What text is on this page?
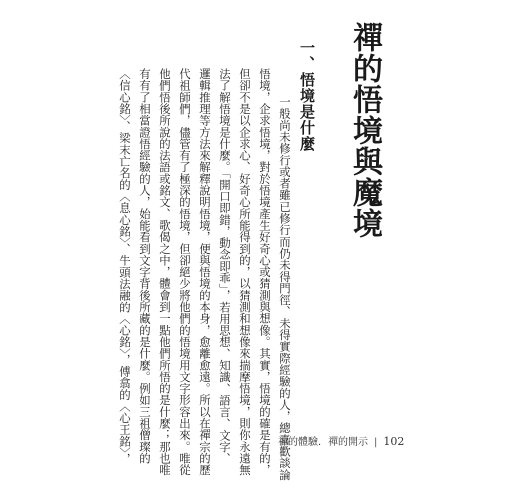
禪的悟境與魔境
一、悟境是什麼
一般尚未修行或者雖已修行而仍未得門徑、未得實際經驗的人，總喜歡談論
悟境，企求悟境，對於悟境產生好奇心或猜測與想像。其實，悟境的確是有的，
但卻不是以企求心、好奇心所能得到的，以猜測和想像來揣摩悟境，則你永遠無
法了解悟境是什麼。「開口即錯，動念即乖」，若用思想、知識、語言、文字、
邏輯推理等方法來解釋說明悟境，便與悟境的本身，愈離愈遠。所以在禪宗的歷
代祖師們，儘管有了極深的悟境，但卻絕少將他們的悟境用文字形容出來。唯從
他們悟後所說的法語或銘文、歌偈之中，體會到一點他們所悟的是什麼；那也唯
有有了相當證悟經驗的人，始能看到文字背後所藏的是什麼。例如三祖僧璨的
〈信心銘〉、梁末亡名的〈息心銘〉、牛頭法融的〈心銘〉，傅翕的〈心王銘〉，	禪的體驗．禪的開示 | 102
